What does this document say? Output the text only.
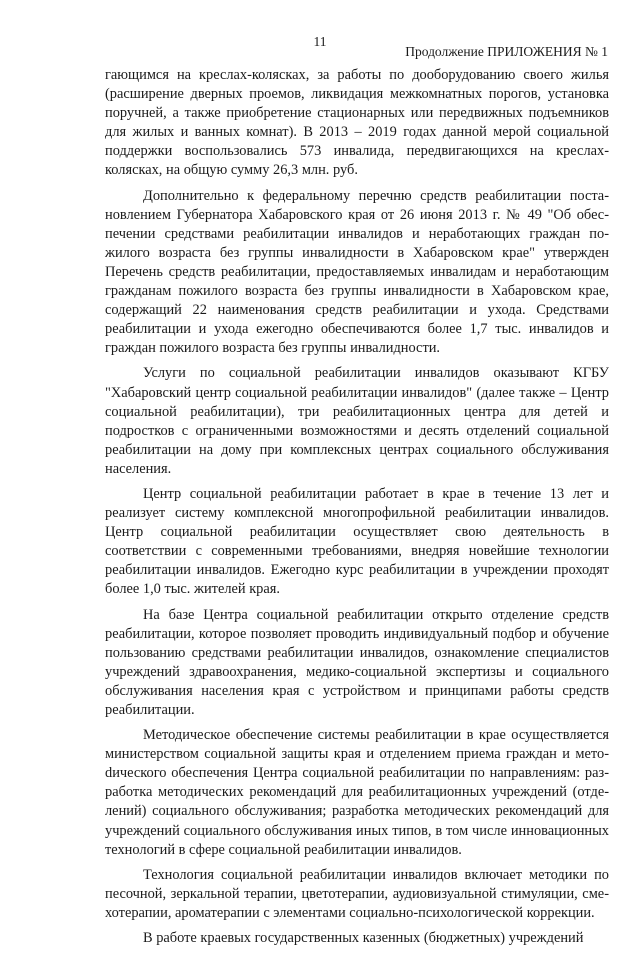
11
Продолжение ПРИЛОЖЕНИЯ № 1

гающимся на креслах-колясках, за работы по дооборудованию своего жилья (расширение дверных проемов, ликвидация межкомнатных порогов, установка поручней, а также приобретение стационарных или передвижных подъемников для жилых и ванных комнат). В 2013 – 2019 годах данной мерой социальной поддержки воспользовались 573 инвалида, передвигающихся на креслах-колясках, на общую сумму 26,3 млн. руб.

Дополнительно к федеральному перечню средств реабилитации постановлением Губернатора Хабаровского края от 26 июня 2013 г. № 49 "Об обеспечении средствами реабилитации инвалидов и неработающих граждан пожилого возраста без группы инвалидности в Хабаровском крае" утвержден Перечень средств реабилитации, предоставляемых инвалидам и неработающим гражданам пожилого возраста без группы инвалидности в Хабаровском крае, содержащий 22 наименования средств реабилитации и ухода. Средствами реабилитации и ухода ежегодно обеспечиваются более 1,7 тыс. инвалидов и граждан пожилого возраста без группы инвалидности.

Услуги по социальной реабилитации инвалидов оказывают КГБУ "Хабаровский центр социальной реабилитации инвалидов" (далее также – Центр социальной реабилитации), три реабилитационных центра для детей и подростков с ограниченными возможностями и десять отделений социальной реабилитации на дому при комплексных центрах социального обслуживания населения.

Центр социальной реабилитации работает в крае в течение 13 лет и реализует систему комплексной многопрофильной реабилитации инвалидов. Центр социальной реабилитации осуществляет свою деятельность в соответствии с современными требованиями, внедряя новейшие технологии реабилитации инвалидов. Ежегодно курс реабилитации в учреждении проходят более 1,0 тыс. жителей края.

На базе Центра социальной реабилитации открыто отделение средств реабилитации, которое позволяет проводить индивидуальный подбор и обучение пользованию средствами реабилитации инвалидов, ознакомление специалистов учреждений здравоохранения, медико-социальной экспертизы и социального обслуживания населения края с устройством и принципами работы средств реабилитации.

Методическое обеспечение системы реабилитации в крае осуществляется министерством социальной защиты края и отделением приема граждан и метоdического обеспечения Центра социальной реабилитации по направлениям: разработка методических рекомендаций для реабилитационных учреждений (отделений) социального обслуживания; разработка методических рекомендаций для учреждений социального обслуживания иных типов, в том числе инновационных технологий в сфере социальной реабилитации инвалидов.

Технология социальной реабилитации инвалидов включает методики по песочной, зеркальной терапии, цветотерапии, аудиовизуальной стимуляции, смехотерапии, ароматерапии с элементами социально-психологической коррекции.

В работе краевых государственных казенных (бюджетных) учреждений
